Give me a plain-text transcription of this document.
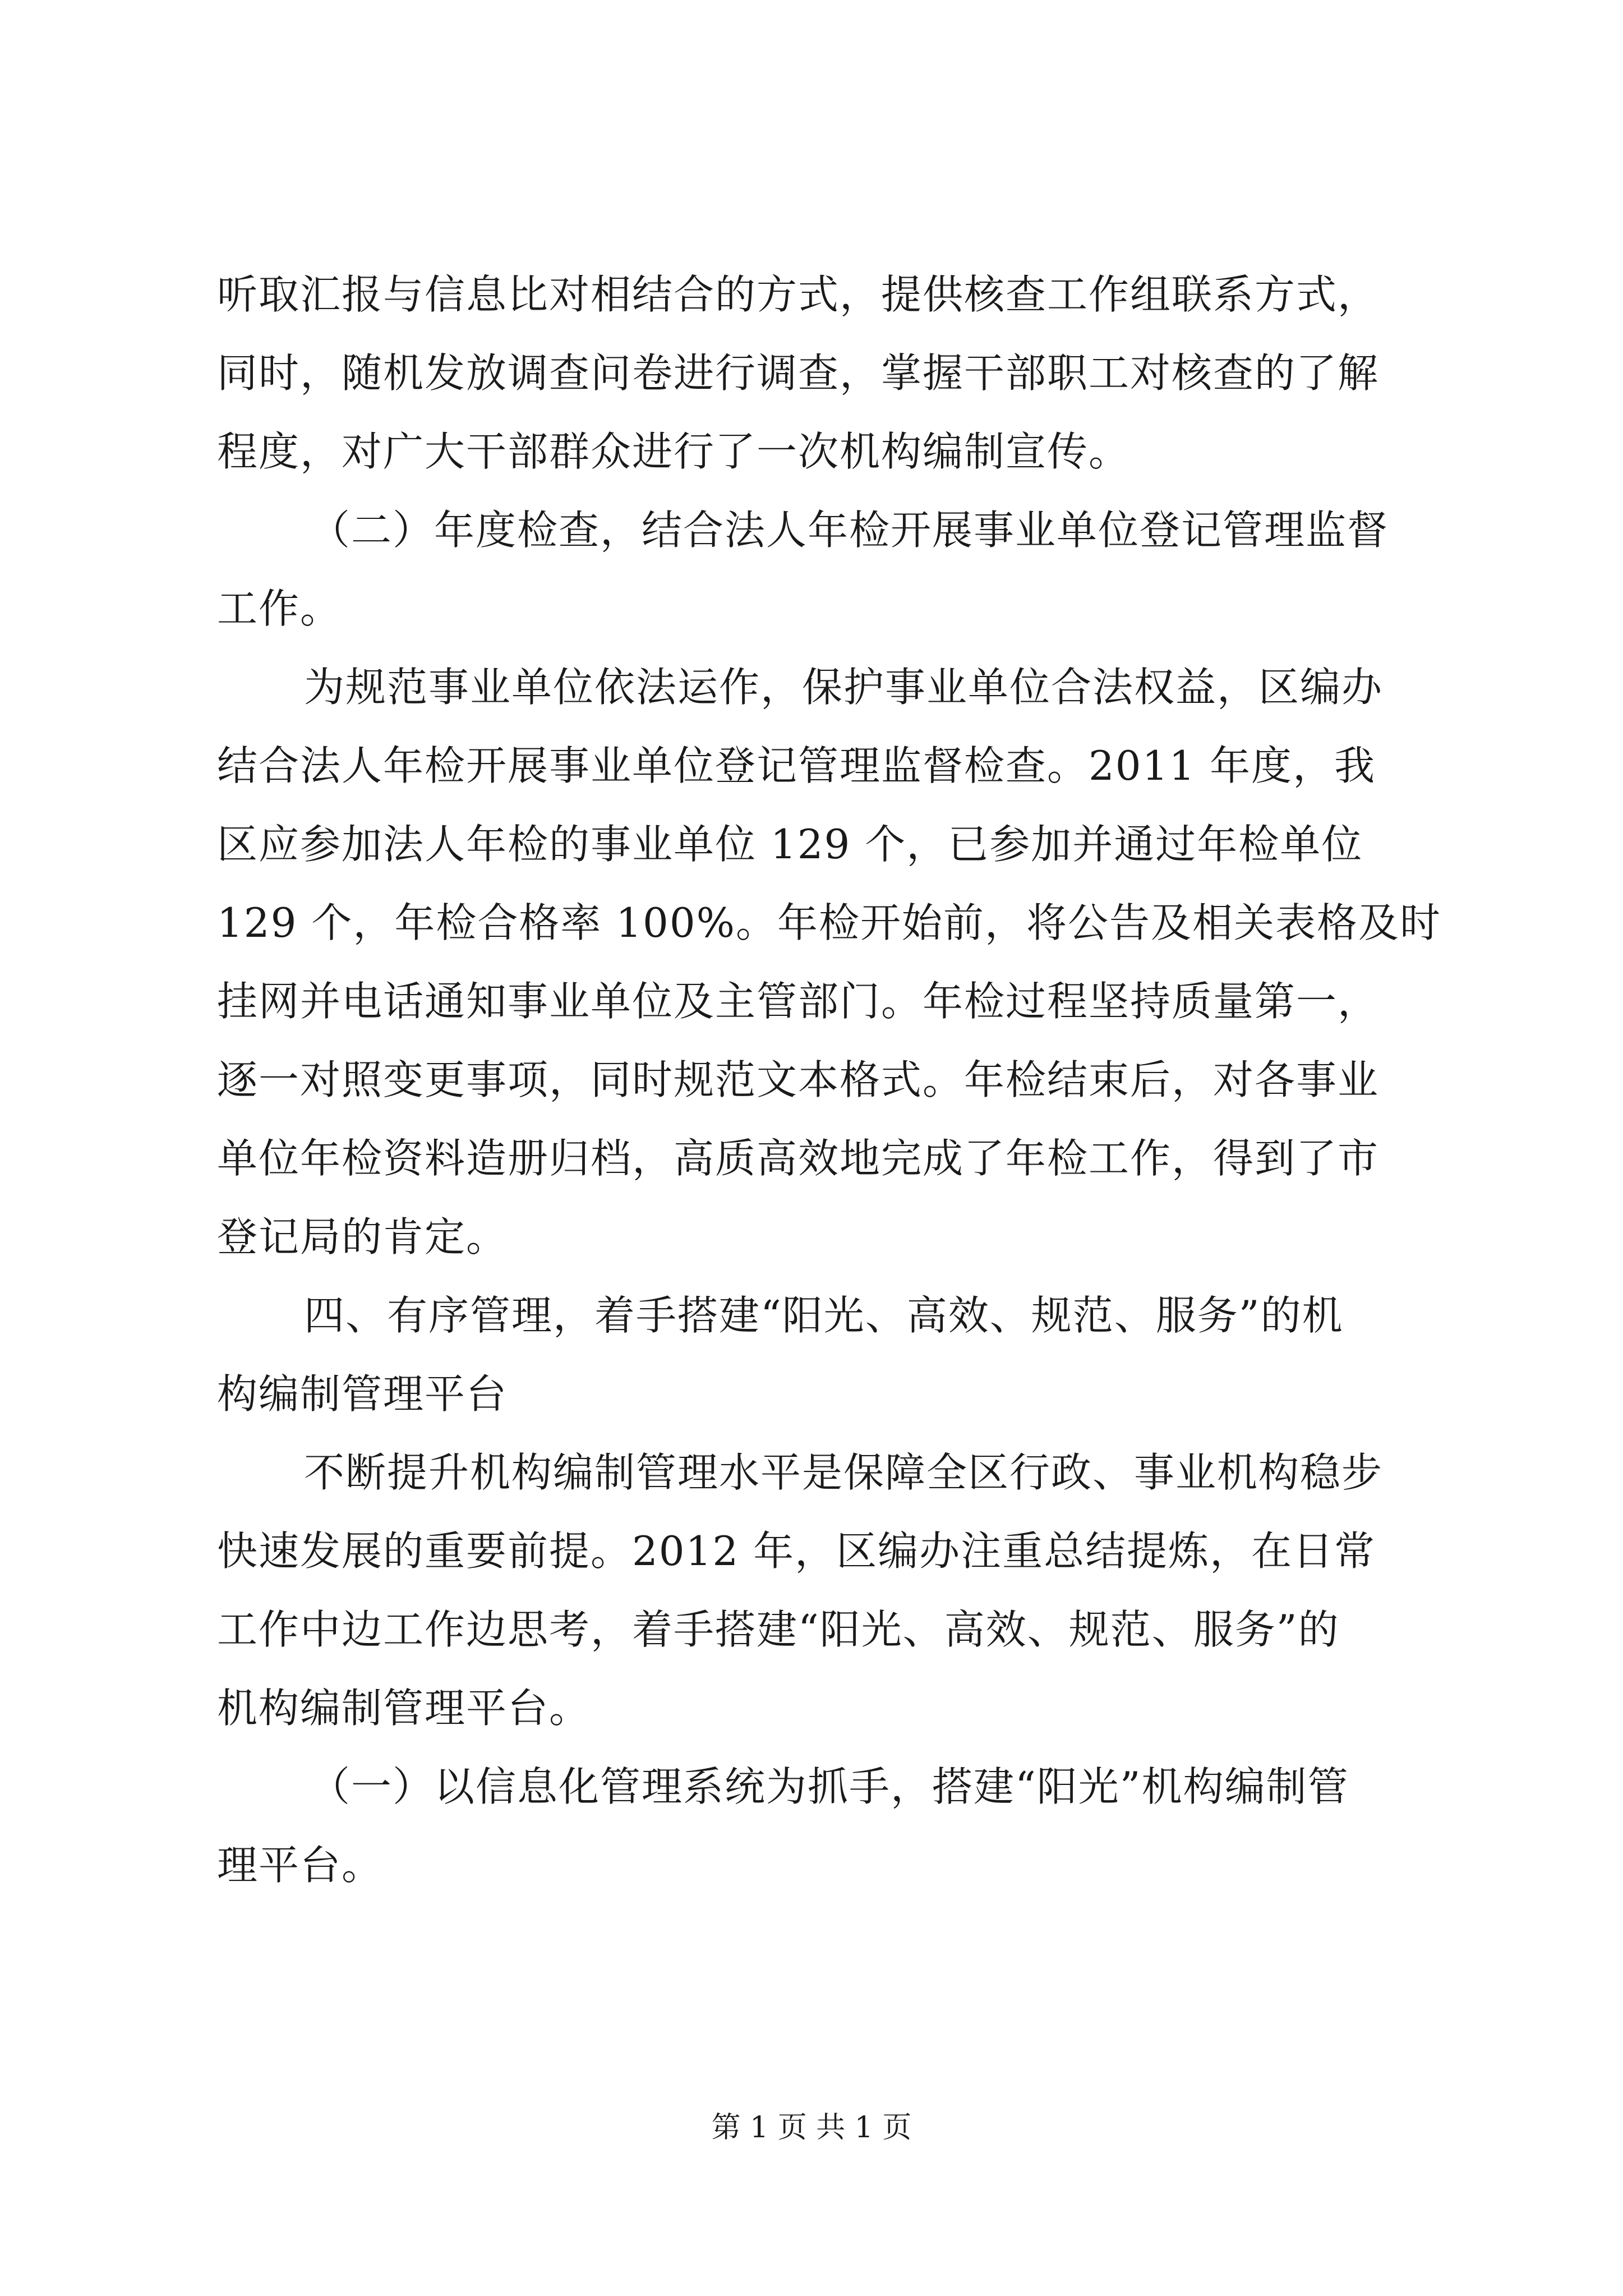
听取汇报与信息比对相结合的方式，提供核查工作组联系方式，
同时，随机发放调查问卷进行调查，掌握干部职工对核查的了解
程度，对广大干部群众进行了一次机构编制宣传。
（二）年度检查，结合法人年检开展事业单位登记管理监督
工作。
为规范事业单位依法运作，保护事业单位合法权益，区编办
结合法人年检开展事业单位登记管理监督检查。2011 年度，我
区应参加法人年检的事业单位 129 个，已参加并通过年检单位
129 个，年检合格率 100%。年检开始前，将公告及相关表格及时
挂网并电话通知事业单位及主管部门。年检过程坚持质量第一，
逐一对照变更事项，同时规范文本格式。年检结束后，对各事业
单位年检资料造册归档，高质高效地完成了年检工作，得到了市
登记局的肯定。
四、有序管理，着手搭建“阳光、高效、规范、服务”的机
构编制管理平台
不断提升机构编制管理水平是保障全区行政、事业机构稳步
快速发展的重要前提。2012 年，区编办注重总结提炼，在日常
工作中边工作边思考，着手搭建“阳光、高效、规范、服务”的
机构编制管理平台。
（一）以信息化管理系统为抓手，搭建“阳光”机构编制管
理平台。
第 1 页 共 1 页
